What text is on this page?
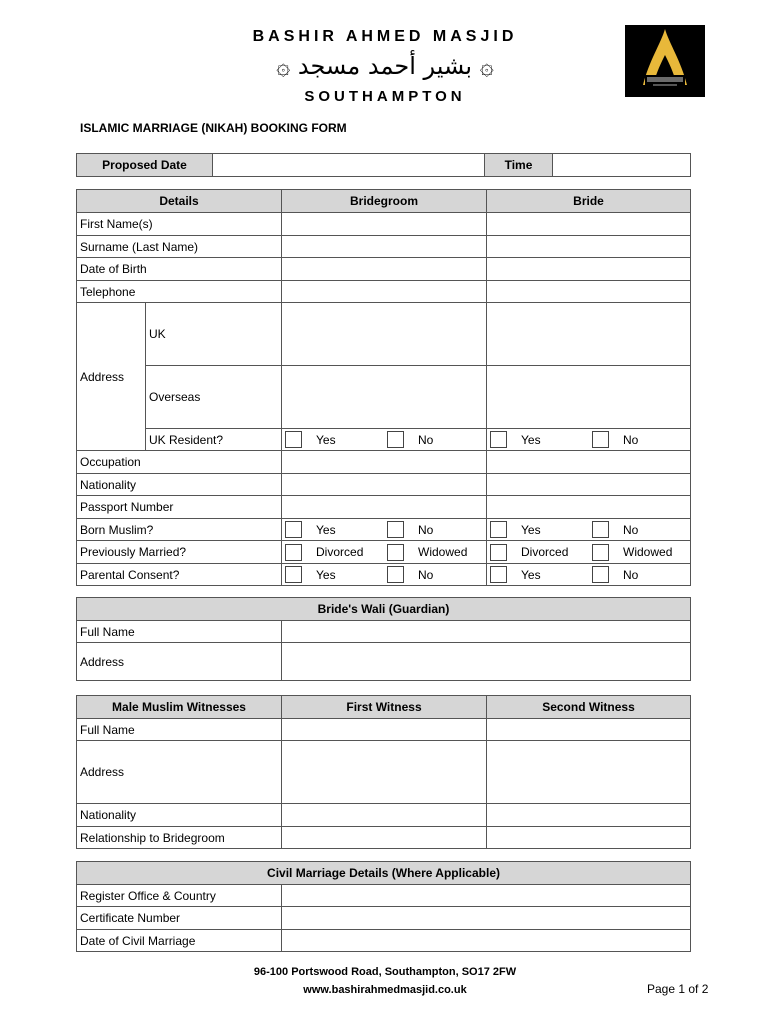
BASHIR AHMED MASJID
۞ بشير أحمد مسجد ۞
SOUTHAMPTON
ISLAMIC MARRIAGE (NIKAH) BOOKING FORM
Proposed Date		Time	
Details		Bridegroom	Bride
First Name(s)			
Surname (Last Name)			
Date of Birth			
Telephone			
Address	UK		
	Overseas		
	UK Resident?	Yes No	Yes No

Occupation			
Nationality			
Passport Number			
Born Muslim?		Yes No	Yes No

Previously Married?		Divorced Widowed	Divorced Widowed

Parental Consent?		Yes No	Yes No
Bride's Wali (Guardian)	
Full Name	
Address	
Male Muslim Witnesses	First Witness	Second Witness
Full Name		
Address		
Nationality		
Relationship to Bridegroom		
Civil Marriage Details (Where Applicable)	
Register Office & Country	
Certificate Number	
Date of Civil Marriage	
96-100 Portswood Road, Southampton, SO17 2FW
www.bashirahmedmasjid.co.uk	Page 1 of 2
